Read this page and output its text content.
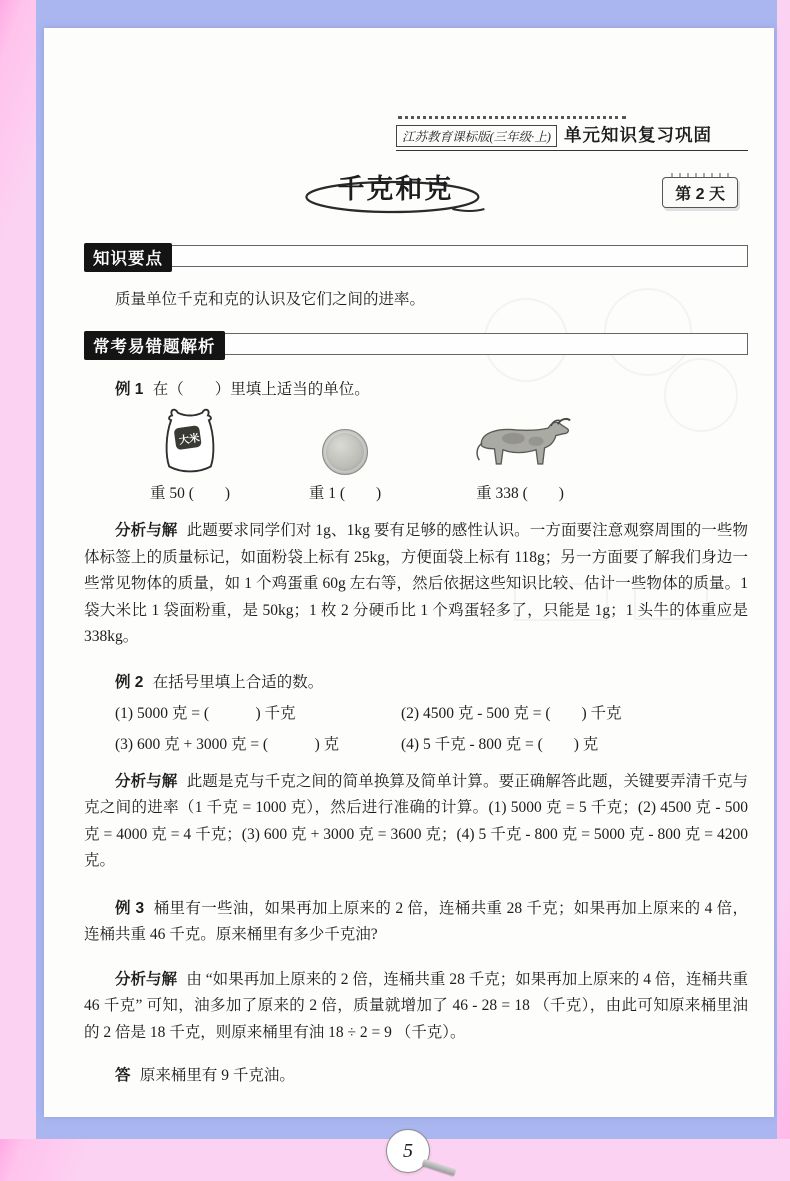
江苏教育课标版(三年级·上) 单元知识复习巩固
千克和克	第 2 天
知识要点
质量单位千克和克的认识及它们之间的进率。
常考易错题解析
例 1 在（　　）里填上适当的单位。
大米
重 50 (　　)	重 1 (　　)	重 338 (　　)
分析与解 此题要求同学们对 1g、1kg 要有足够的感性认识。一方面要注意观察周围的一些物体标签上的质量标记，如面粉袋上标有 25kg，方便面袋上标有 118g；另一方面要了解我们身边一些常见物体的质量，如 1 个鸡蛋重 60g 左右等，然后依据这些知识比较、估计一些物体的质量。1 袋大米比 1 袋面粉重，是 50kg；1 枚 2 分硬币比 1 个鸡蛋轻多了，只能是 1g；1 头牛的体重应是 338kg。
例 2 在括号里填上合适的数。
(1) 5000 克 = (　　　) 千克	(2) 4500 克 - 500 克 = (　　) 千克
(3) 600 克 + 3000 克 = (　　　) 克	(4) 5 千克 - 800 克 = (　　) 克
分析与解 此题是克与千克之间的简单换算及简单计算。要正确解答此题，关键要弄清千克与克之间的进率（1 千克 = 1000 克），然后进行准确的计算。(1) 5000 克 = 5 千克；(2) 4500 克 - 500 克 = 4000 克 = 4 千克；(3) 600 克 + 3000 克 = 3600 克；(4) 5 千克 - 800 克 = 5000 克 - 800 克 = 4200 克。
例 3 桶里有一些油，如果再加上原来的 2 倍，连桶共重 28 千克；如果再加上原来的 4 倍，连桶共重 46 千克。原来桶里有多少千克油?
分析与解 由 “如果再加上原来的 2 倍，连桶共重 28 千克；如果再加上原来的 4 倍，连桶共重 46 千克” 可知，油多加了原来的 2 倍，质量就增加了 46 - 28 = 18 （千克），由此可知原来桶里油的 2 倍是 18 千克，则原来桶里有油 18 ÷ 2 = 9 （千克）。
答 原来桶里有 9 千克油。
5
